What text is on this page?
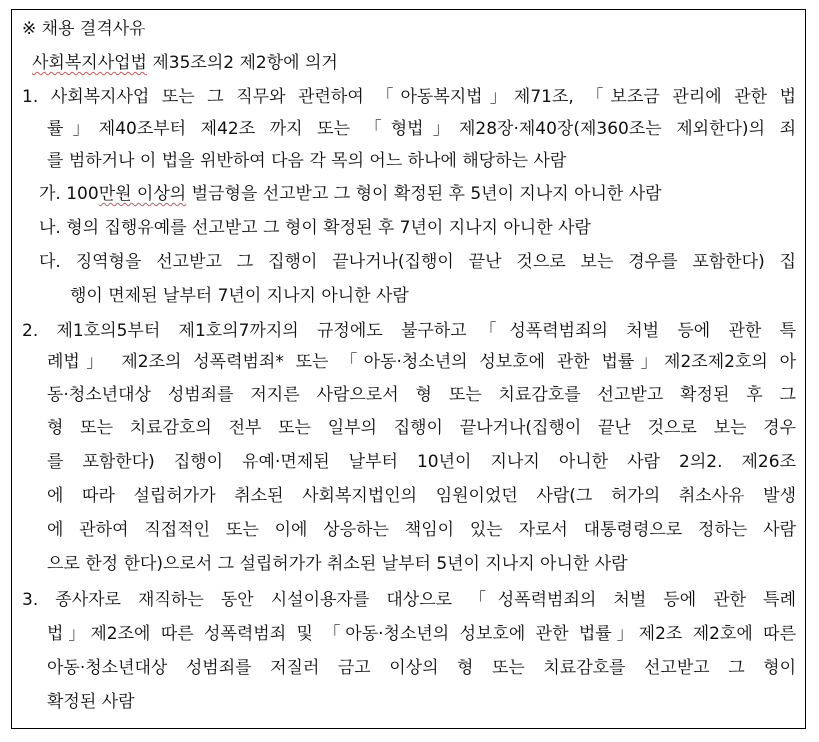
※ 채용 결격사유
사회복지사업법 제35조의2 제2항에 의거
1. 사회복지사업 또는 그 직무와 관련하여 「아동복지법」제71조, 「보조금 관리에 관한 법
률」제40조부터 제42조 까지 또는 「형법」제28장·제40장(제360조는 제외한다)의 죄
를 범하거나 이 법을 위반하여 다음 각 목의 어느 하나에 해당하는 사람
가. 100만원 이상의 벌금형을 선고받고 그 형이 확정된 후 5년이 지나지 아니한 사람
나. 형의 집행유예를 선고받고 그 형이 확정된 후 7년이 지나지 아니한 사람
다. 징역형을 선고받고 그 집행이 끝나거나(집행이 끝난 것으로 보는 경우를 포함한다) 집
행이 면제된 날부터 7년이 지나지 아니한 사람
2. 제1호의5부터 제1호의7까지의 규정에도 불구하고「성폭력범죄의 처벌 등에 관한 특
례법」 제2조의 성폭력범죄* 또는 「아동·청소년의 성보호에 관한 법률」제2조제2호의 아
동·청소년대상 성범죄를 저지른 사람으로서 형 또는 치료감호를 선고받고 확정된 후 그
형 또는 치료감호의 전부 또는 일부의 집행이 끝나거나(집행이 끝난 것으로 보는 경우
를 포함한다) 집행이 유예·면제된 날부터 10년이 지나지 아니한 사람 2의2. 제26조
에 따라 설립허가가 취소된 사회복지법인의 임원이었던 사람(그 허가의 취소사유 발생
에 관하여 직접적인 또는 이에 상응하는 책임이 있는 자로서 대통령령으로 정하는 사람
으로 한정 한다)으로서 그 설립허가가 취소된 날부터 5년이 지나지 아니한 사람
3. 종사자로 재직하는 동안 시설이용자를 대상으로 「성폭력범죄의 처벌 등에 관한 특례
법」제2조에 따른 성폭력범죄 및 「아동·청소년의 성보호에 관한 법률」제2조 제2호에 따른
아동·청소년대상 성범죄를 저질러 금고 이상의 형 또는 치료감호를 선고받고 그 형이
확정된 사람
